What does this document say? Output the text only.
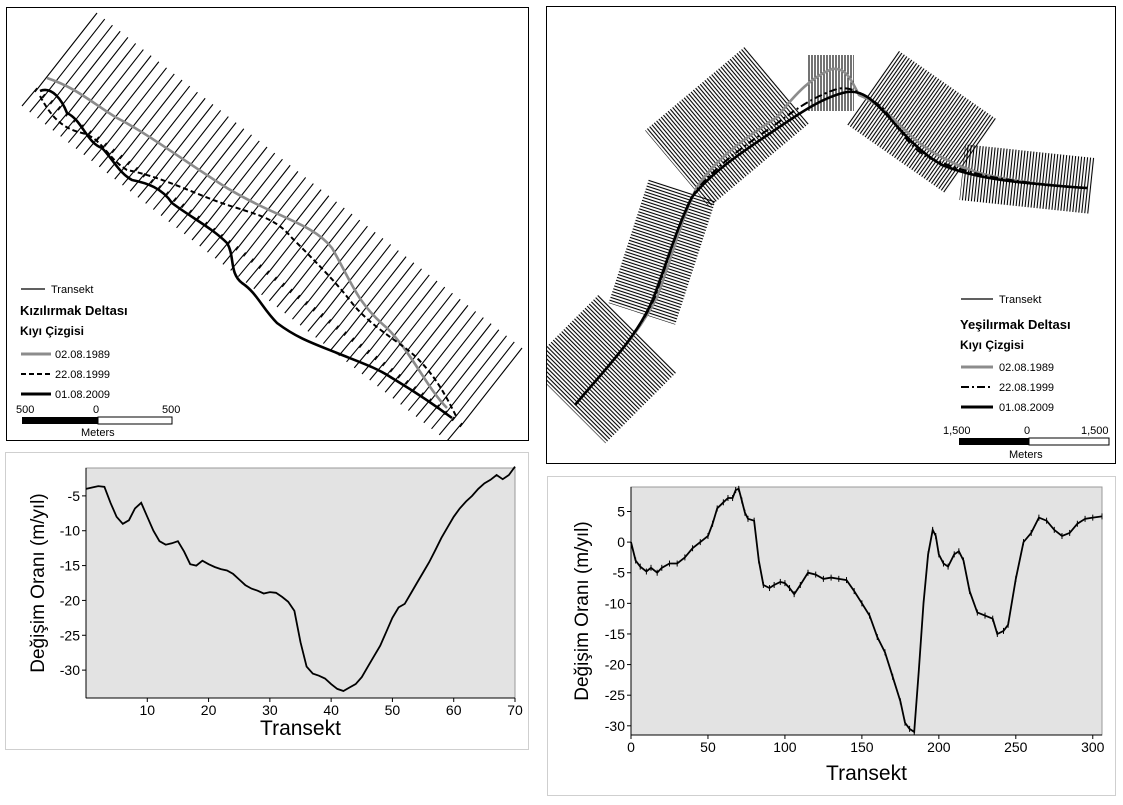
Transekt
Kızılırmak Deltası
Kıyı Çizgisi
02.08.1989
22.08.1999
01.08.2009
500	0	500
Meters
Transekt
Yeşilırmak Deltası
Kıyı Çizgisi
02.08.1989
22.08.1999
01.08.2009
1,500	0	1,500
Meters
10	20	30	40	50	60	70
-5
-10
-15
-20
-25
-30
Transekt
Değişim Oranı (m/yıl)
0	50	100	150	200	250	300
5
0
-5
-10
-15
-20
-25
-30
Transekt
Değişim Oranı (m/yıl)
